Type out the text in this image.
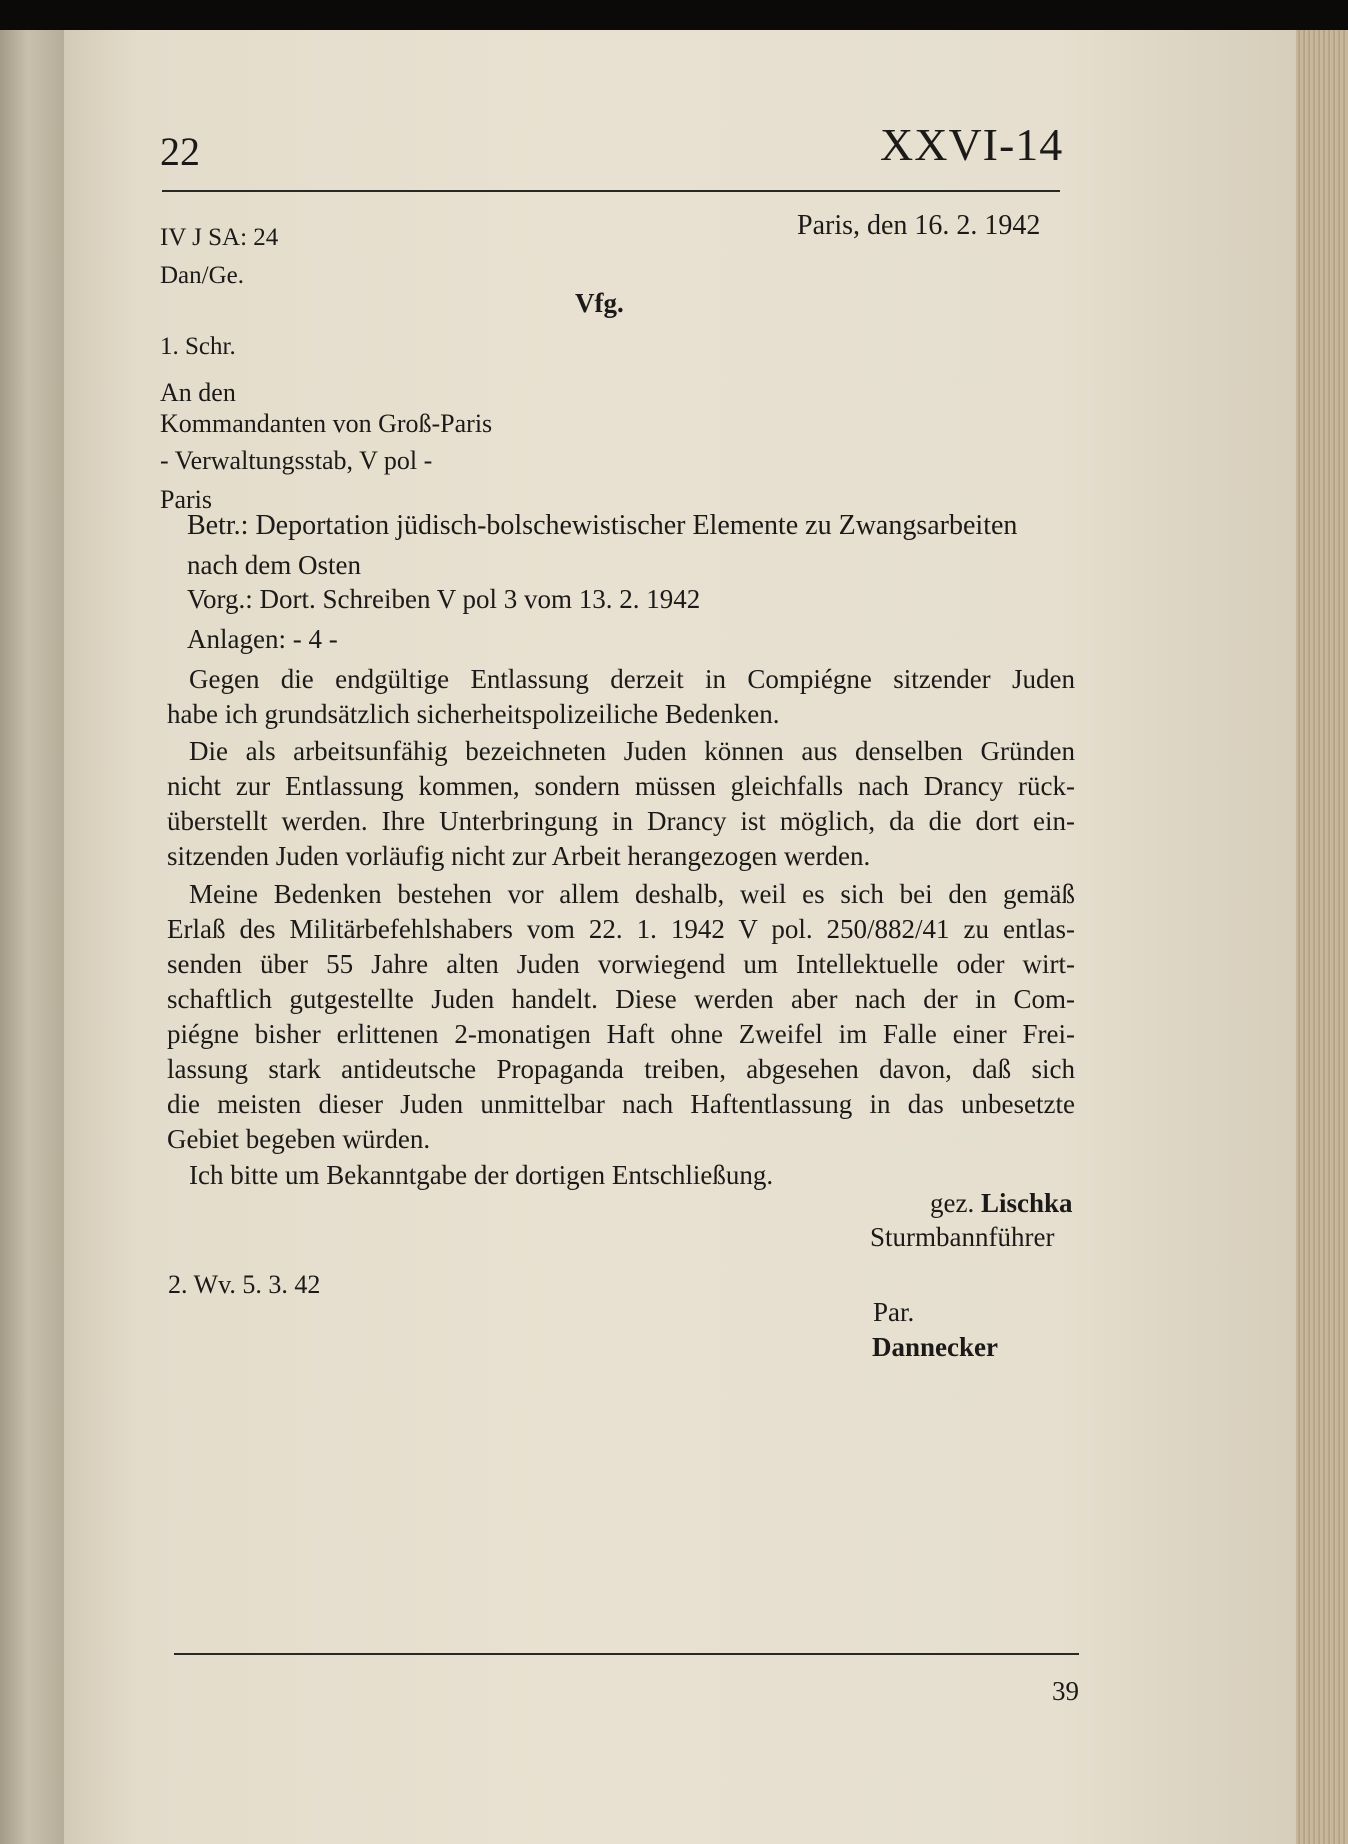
22	XXVI-14
IV J SA: 24	Paris, den 16. 2. 1942
Dan/Ge.
Vfg.
1. Schr.
An den
Kommandanten von Groß-Paris
- Verwaltungsstab, V pol -
Paris
Betr.: Deportation jüdisch-bolschewistischer Elemente zu Zwangsarbeiten
nach dem Osten
Vorg.: Dort. Schreiben V pol 3 vom 13. 2. 1942
Anlagen: - 4 -
Gegen die endgültige Entlassung derzeit in Compiégne sitzender Juden
habe ich grundsätzlich sicherheitspolizeiliche Bedenken.
Die als arbeitsunfähig bezeichneten Juden können aus denselben Gründen
nicht zur Entlassung kommen, sondern müssen gleichfalls nach Drancy rück-
überstellt werden. Ihre Unterbringung in Drancy ist möglich, da die dort ein-
sitzenden Juden vorläufig nicht zur Arbeit herangezogen werden.
Meine Bedenken bestehen vor allem deshalb, weil es sich bei den gemäß
Erlaß des Militärbefehlshabers vom 22. 1. 1942 V pol. 250/882/41 zu entlas-
senden über 55 Jahre alten Juden vorwiegend um Intellektuelle oder wirt-
schaftlich gutgestellte Juden handelt. Diese werden aber nach der in Com-
piégne bisher erlittenen 2-monatigen Haft ohne Zweifel im Falle einer Frei-
lassung stark antideutsche Propaganda treiben, abgesehen davon, daß sich
die meisten dieser Juden unmittelbar nach Haftentlassung in das unbesetzte
Gebiet begeben würden.
Ich bitte um Bekanntgabe der dortigen Entschließung.
gez. Lischka
Sturmbannführer
2. Wv. 5. 3. 42
Par.
Dannecker
39
